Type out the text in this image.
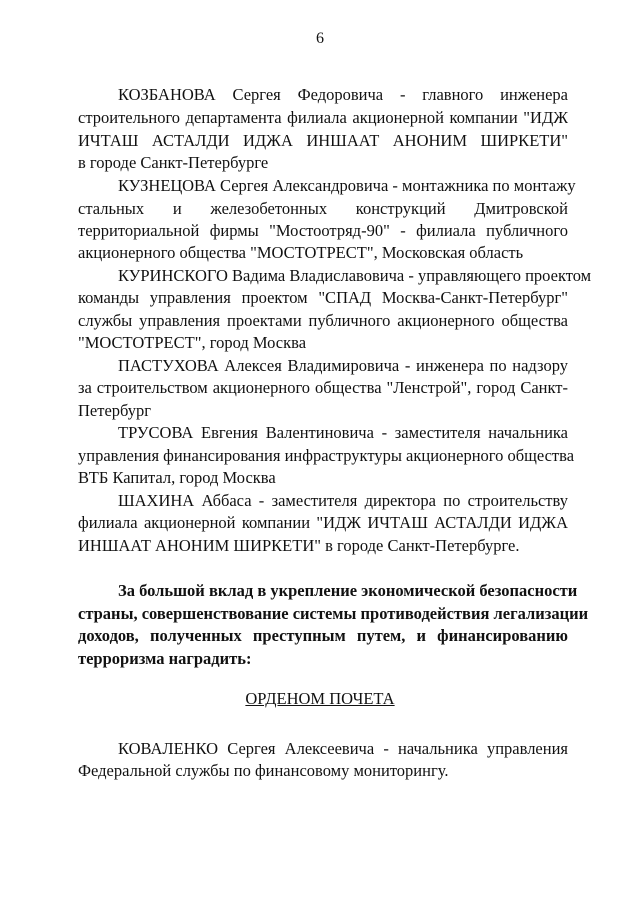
6
КОЗБАНОВА Сергея Федоровича - главного инженера
строительного департамента филиала акционерной компании "ИДЖ
ИЧТАШ АСТАЛДИ ИДЖА ИНШААТ АНОНИМ ШИРКЕТИ"
в городе Санкт-Петербурге
КУЗНЕЦОВА Сергея Александровича - монтажника по монтажу
стальных и железобетонных конструкций Дмитровской
территориальной фирмы "Мостоотряд-90" - филиала публичного
акционерного общества "МОСТОТРЕСТ", Московская область
КУРИНСКОГО Вадима Владиславовича - управляющего проектом
команды управления проектом "СПАД Москва-Санкт-Петербург"
службы управления проектами публичного акционерного общества
"МОСТОТРЕСТ", город Москва
ПАСТУХОВА Алексея Владимировича - инженера по надзору
за строительством акционерного общества "Ленстрой", город Санкт-
Петербург
ТРУСОВА Евгения Валентиновича - заместителя начальника
управления финансирования инфраструктуры акционерного общества
ВТБ Капитал, город Москва
ШАХИНА Аббаса - заместителя директора по строительству
филиала акционерной компании "ИДЖ ИЧТАШ АСТАЛДИ ИДЖА
ИНШААТ АНОНИМ ШИРКЕТИ" в городе Санкт-Петербурге.
За большой вклад в укрепление экономической безопасности
страны, совершенствование системы противодействия легализации
доходов, полученных преступным путем, и финансированию
терроризма наградить:
ОРДЕНОМ ПОЧЕТА
КОВАЛЕНКО Сергея Алексеевича - начальника управления
Федеральной службы по финансовому мониторингу.
